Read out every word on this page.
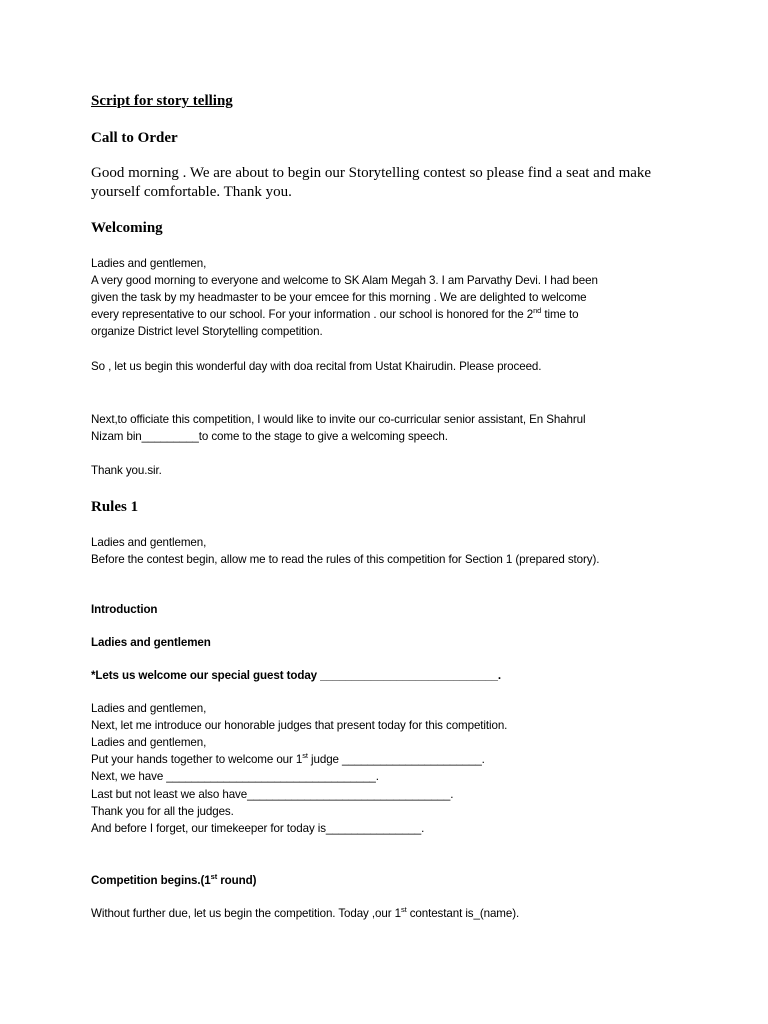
Script for story telling
Call to Order
Good morning . We are about to begin our Storytelling contest so please find a seat and make
yourself comfortable. Thank you.
Welcoming
Ladies and gentlemen,
A very good morning to everyone and welcome to SK Alam Megah 3. I am Parvathy Devi. I had been
given the task by my headmaster to be your emcee for this morning . We are delighted to welcome
every representative to our school. For your information . our school is honored for the 2nd time to
organize District level Storytelling competition.
So , let us begin this wonderful day with doa recital from Ustat Khairudin. Please proceed.
Next,to officiate this competition, I would like to invite our co-curricular senior assistant, En Shahrul
Nizam bin_________to come to the stage to give a welcoming speech.
Thank you.sir.
Rules 1
Ladies and gentlemen,
Before the contest begin, allow me to read the rules of this competition for Section 1 (prepared story).
Introduction
Ladies and gentlemen
*Lets us welcome our special guest today ____________________________.
Ladies and gentlemen,
Next, let me introduce our honorable judges that present today for this competition.
Ladies and gentlemen,
Put your hands together to welcome our 1st judge ______________________.
Next, we have _________________________________.
Last but not least we also have________________________________.
Thank you for all the judges.
And before I forget, our timekeeper for today is_______________.
Competition begins.(1st round)
Without further due, let us begin the competition. Today ,our 1st contestant is_(name).
